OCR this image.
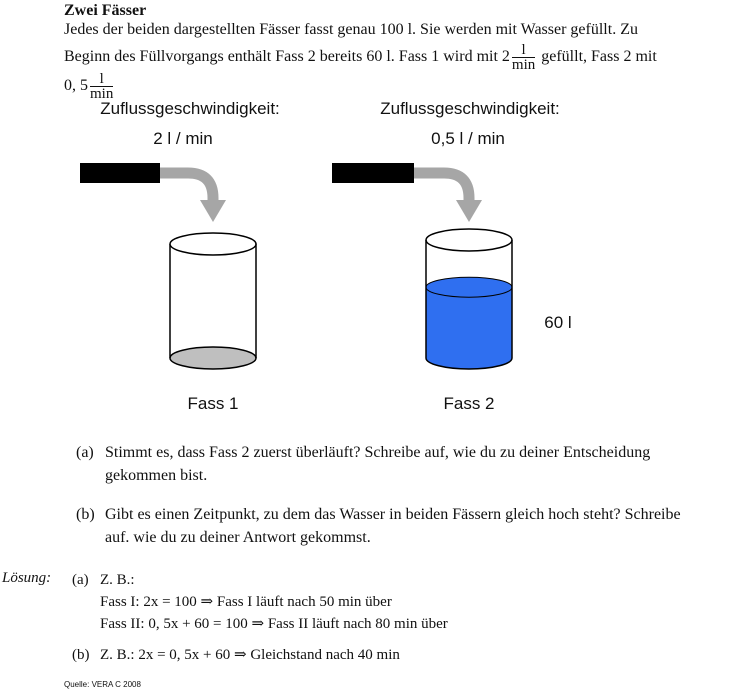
Zwei Fässer
Jedes der beiden dargestellten Fässer fasst genau 100 l. Sie werden mit Wasser gefüllt. Zu
Beginn des Füllvorgangs enthält Fass 2 bereits 60 l. Fass 1 wird mit $2 \frac{l}{\min}$ gefüllt, Fass 2 mit
0, $5 \frac{l}{\min}$
Zuflussgeschwindigkeit:
2 l / min
Fass 1
Zuflussgeschwindigkeit:
0,5 l / min
Fass 2
60 l
(a) Stimmt es, dass Fass 2 zuerst überläuft? Schreibe auf, wie du zu deiner Entscheidung
gekommen bist.
(b) Gibt es einen Zeitpunkt, zu dem das Wasser in beiden Fässern gleich hoch steht? Schreibe
auf. wie du zu deiner Antwort gekommst.
Lösung: (a) Z. B.:
Fass I: 2x = 100 ⇒ Fass I läuft nach 50 min über
Fass II: 0, 5x + 60 = 100 ⇒ Fass II läuft nach 80 min über
(b) Z. B.: 2x = 0, 5x + 60 ⇒ Gleichstand nach 40 min
Quelle: VERA C 2008
